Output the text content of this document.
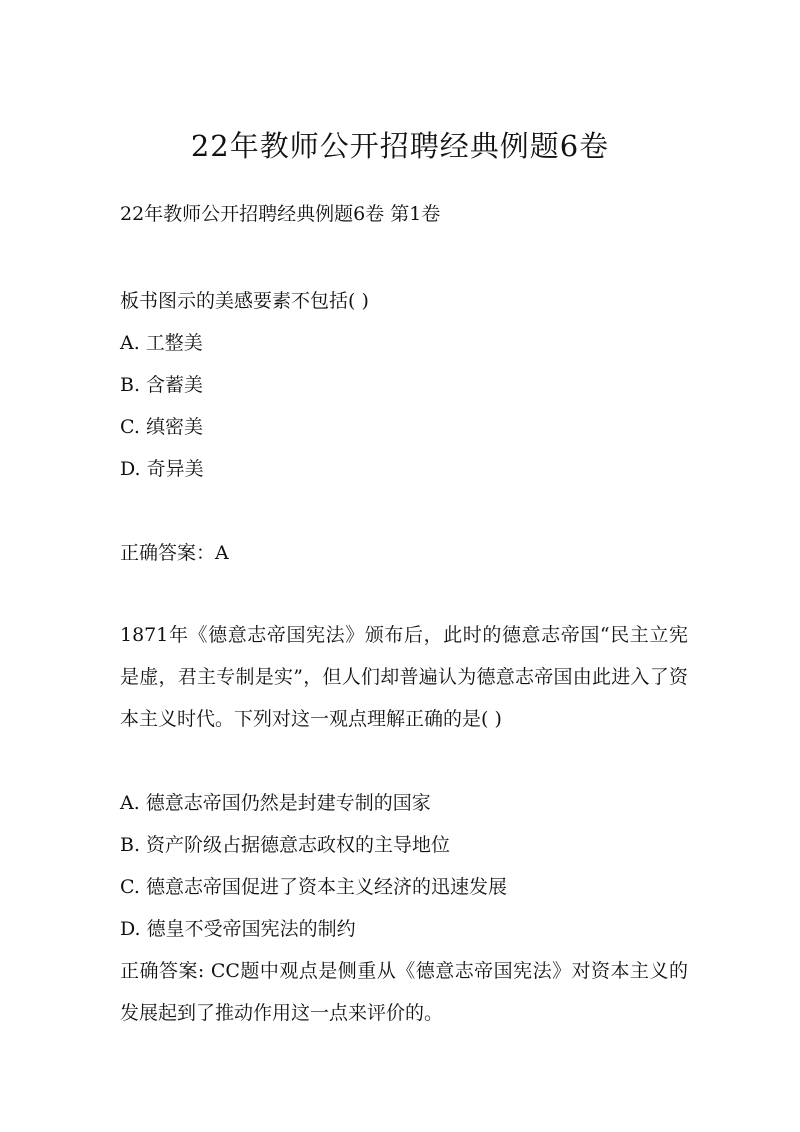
22年教师公开招聘经典例题6卷
22年教师公开招聘经典例题6卷 第1卷
板书图示的美感要素不包括( )
A. 工整美
B. 含蓄美
C. 缜密美
D. 奇异美
正确答案：A
1871年《德意志帝国宪法》颁布后，此时的德意志帝国“民主立宪是虚，君主专制是实”，但人们却普遍认为德意志帝国由此进入了资本主义时代。下列对这一观点理解正确的是( )
A. 德意志帝国仍然是封建专制的国家
B. 资产阶级占据德意志政权的主导地位
C. 德意志帝国促进了资本主义经济的迅速发展
D. 德皇不受帝国宪法的制约
正确答案: CC题中观点是侧重从《德意志帝国宪法》对资本主义的发展起到了推动作用这一点来评价的。
